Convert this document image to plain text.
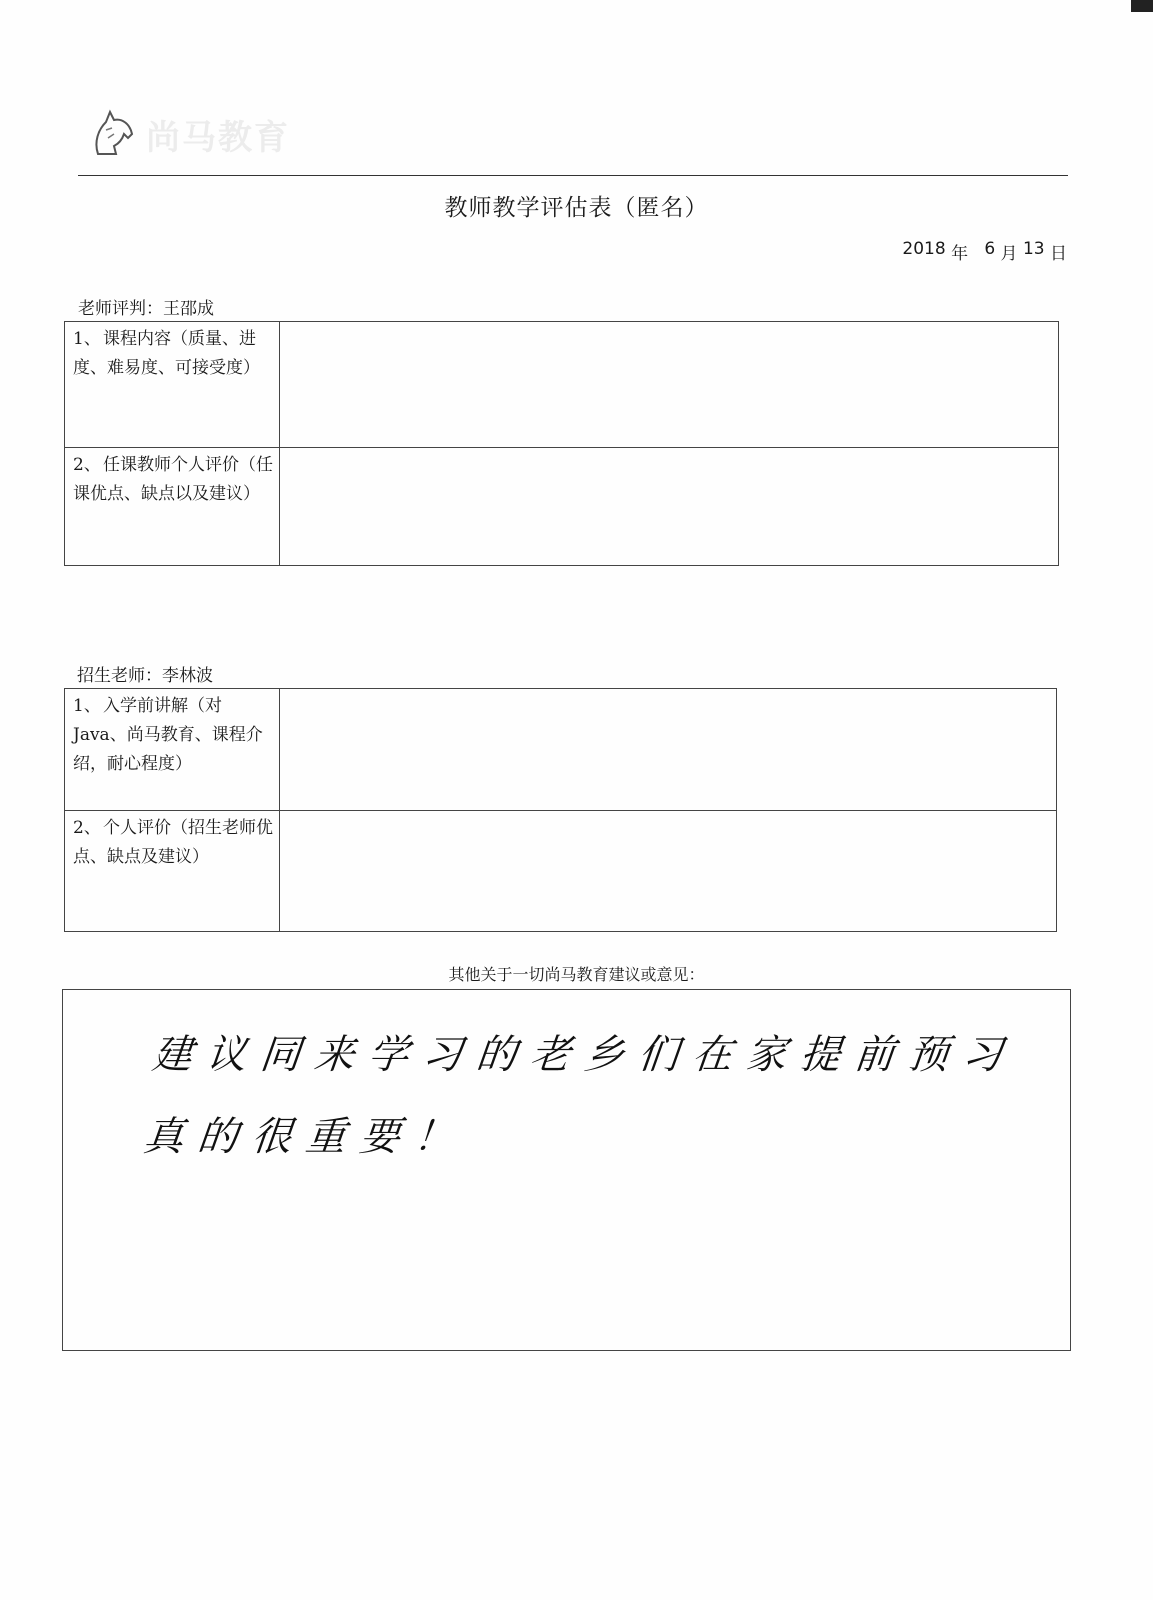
尚马教育
教师教学评估表（匿名）
2018
年
6
月
13
日
老师评判：王邵成
1、 课程内容（质量、进度、难易度、可接受度）	
2、 任课教师个人评价（任课优点、缺点以及建议）	
招生老师：李林波
1、 入学前讲解（对Java、尚马教育、课程介绍，耐心程度）	
2、 个人评价（招生老师优点、缺点及建议）	
其他关于一切尚马教育建议或意见：
建议同来学习的老乡们在家提前预习
真的很重要！
